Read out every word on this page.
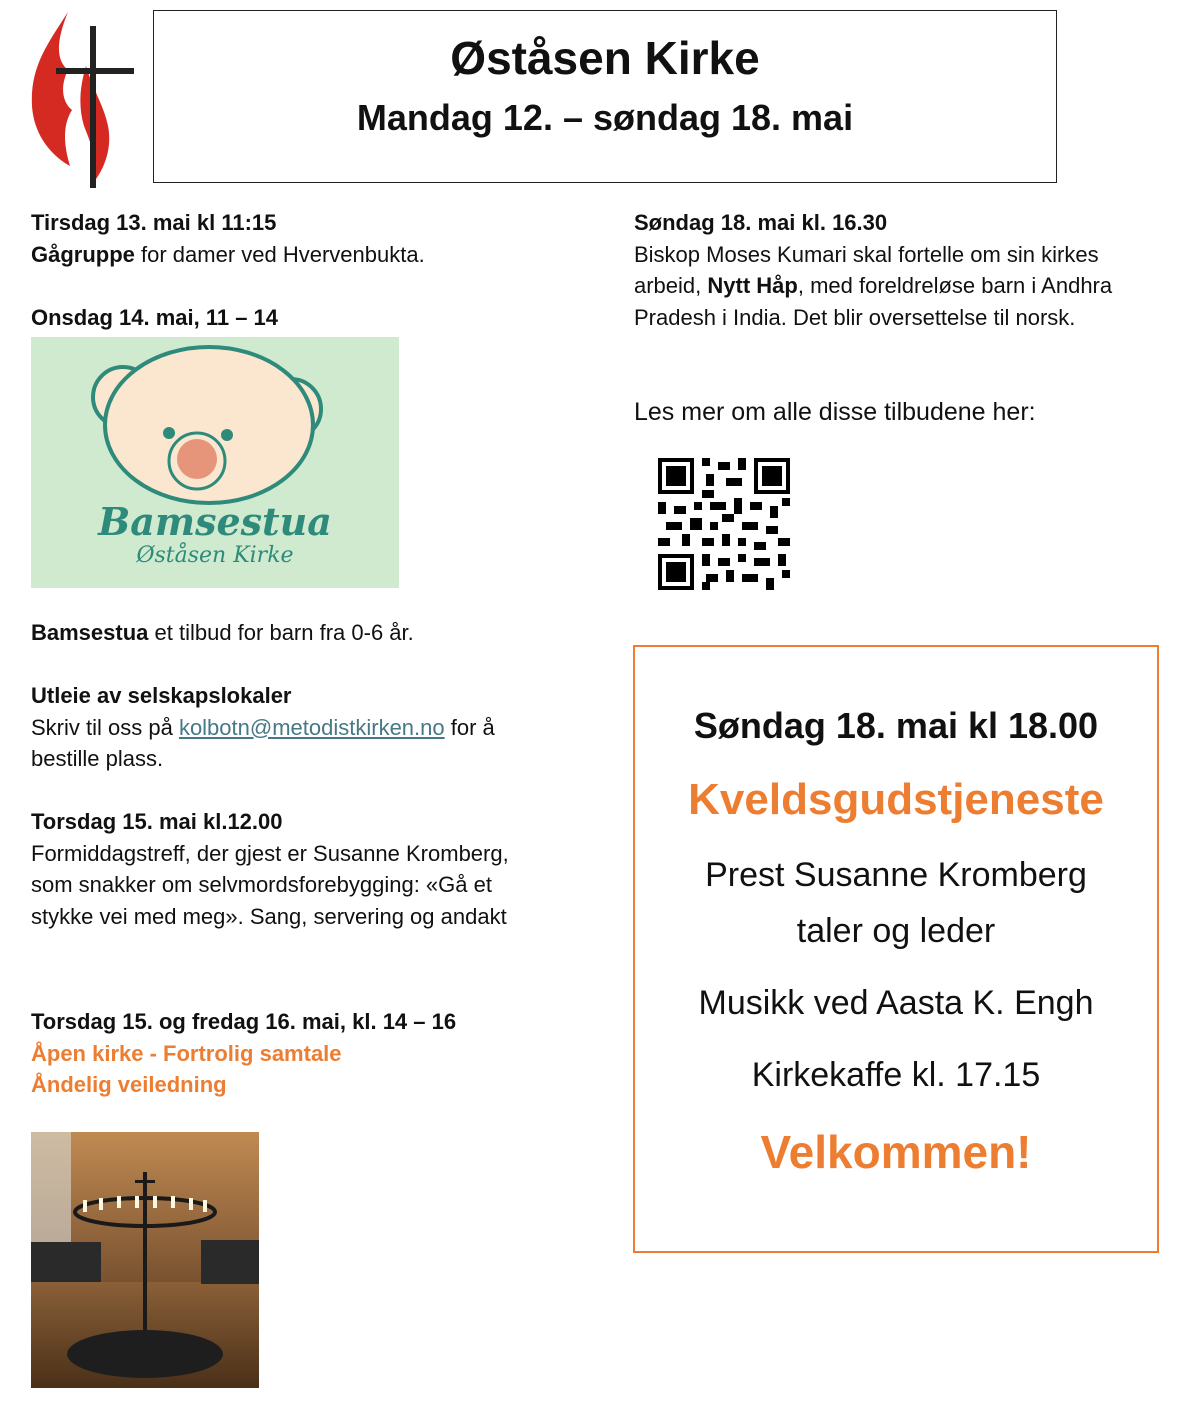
Øståsen Kirke
Mandag 12. – søndag 18. mai
Tirsdag 13. mai kl 11:15
Gågruppe for damer ved Hvervenbukta.
Onsdag 14. mai, 11 – 14
Bamsestua
Øståsen Kirke
Bamsestua et tilbud for barn fra 0-6 år.
Utleie av selskapslokaler
Skriv til oss på kolbotn@metodistkirken.no for å bestille plass.
Torsdag 15. mai kl.12.00
Formiddagstreff, der gjest er Susanne Kromberg, som snakker om selvmordsforebygging: «Gå et stykke vei med meg». Sang, servering og andakt
Torsdag 15. og fredag 16. mai, kl. 14 – 16
Åpen kirke - Fortrolig samtale
Åndelig veiledning
Søndag 18. mai kl. 16.30
Biskop Moses Kumari skal fortelle om sin kirkes arbeid, Nytt Håp, med foreldreløse barn i Andhra Pradesh i India. Det blir oversettelse til norsk.
Les mer om alle disse tilbudene her:
Søndag 18. mai kl 18.00
Kveldsgudstjeneste
Prest Susanne Kromberg
taler og leder
Musikk ved Aasta K. Engh
Kirkekaffe kl. 17.15
Velkommen!
